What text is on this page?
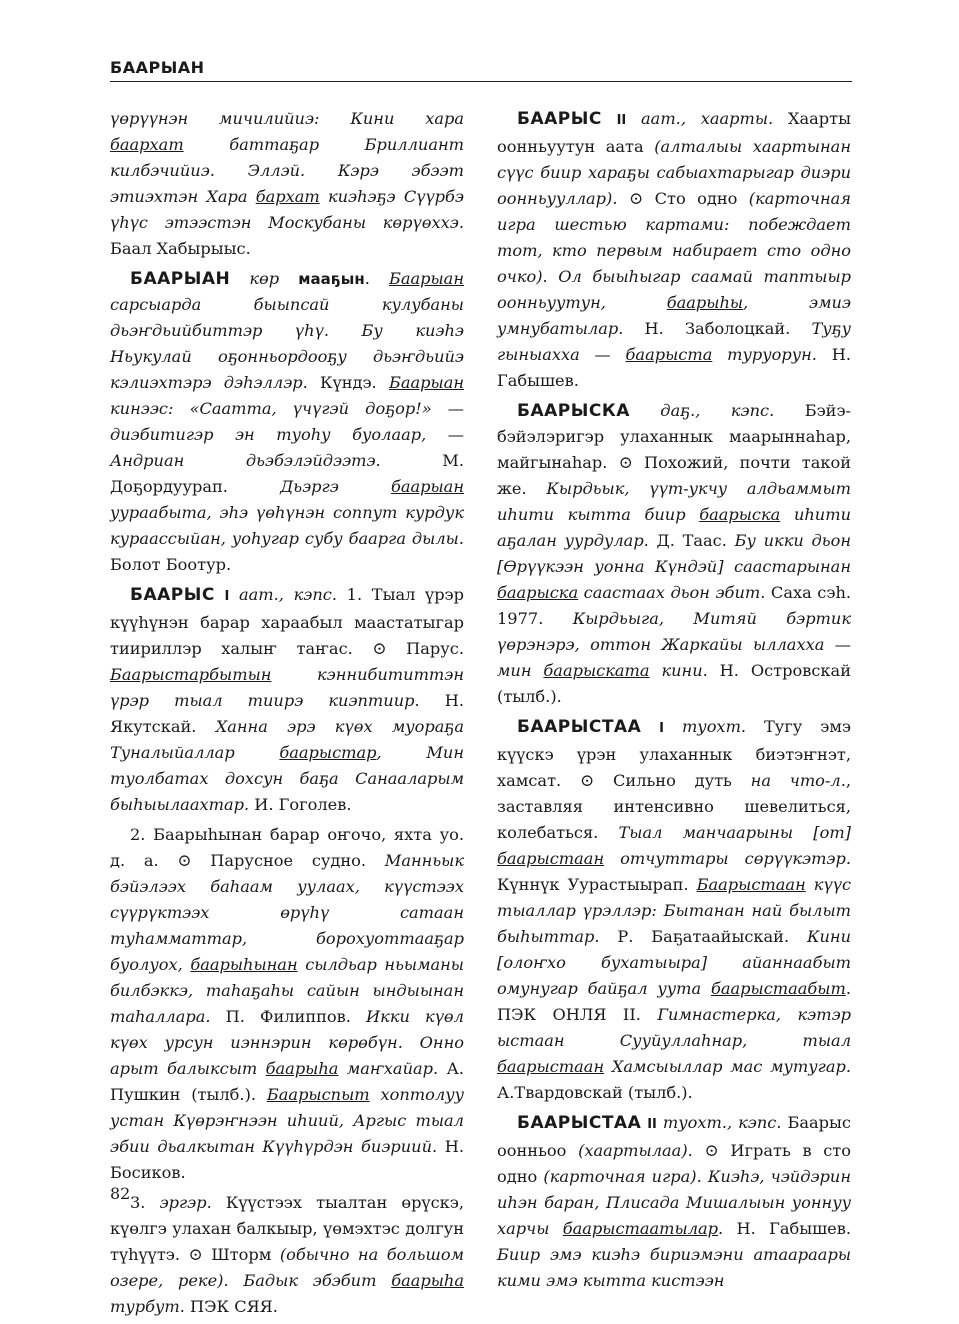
БААРЫАН

үөрүүнэн мичилийиэ: Кини хара баархат баттаҕар Бриллиант килбэчийиэ. Эллэй. Кэрэ эбээт этиэхтэн Хара бархат киэһэҕэ Сүүрбэ үһүс этээстэн Москубаны көрүөххэ. Баал Хабырыыс.

БААРЫАН көр мааҕын. Баарыан сарсыарда быыпсай кулубаны дьэҥдьийбиттэр үһү. Бу киэһэ Ньукулай оҕонньордооҕу дьэҥдьийэ кэлиэхтэрэ дэһэллэр. Күндэ. Баарыан кинээс: «Саатта, үчүгэй доҕор!» — диэбитигэр эн туоһу буолаар, — Андриан дьэбэлэйдээтэ. М. Доҕордуурап. Дьэргэ баарыан уураабыта, эһэ үөһүнэн соппут курдук кураассыйан, уоһугар субу баарга дылы. Болот Боотур.

БААРЫС I аат., кэпс. 1. Тыал үрэр күүһүнэн барар хараабыл маастатыгар тиириллэр халыҥ таҥас. ⊙ Парус. Баарыстарбытын кэннибититтэн үрэр тыал тиирэ киэптиир. Н. Якутскай. Ханна эрэ күөх муораҕа Туналыйаллар баарыстар, Мин туолбатах дохсун баҕа Санааларым быһыылаахтар. И. Гоголев.

2. Баарыһынан барар оҥочо, яхта уо. д. а. ⊙ Парусное судно. Манньык бэйэлээх баһаам уулаах, күүстээх сүүрүктээх өрүһү сатаан туһамматтар, борохуоттааҕар буолуох, баарыһынан сылдьар ньыманы билбэккэ, таһаҕаһы сайын ындыынан таһаллара. П. Филиппов. Икки күөл күөх урсун иэннэрин көрөбүн. Онно арыт балыксыт баарыһа маҥхайар. А. Пушкин (тылб.). Баарыспыт хоптолуу устан Күөрэҥнээн иһиий, Аргыс тыал эбии дьалкытан Күүһүрдэн биэриий. Н. Босиков.

3. эргэр. Күүстээх тыалтан өрүскэ, күөлгэ улахан балкыыр, үөмэхтэс долгун түһүүтэ. ⊙ Шторм (обычно на большом озере, реке). Бадык эбэбит баарыһа турбут. ПЭК СЯЯ.

БААРЫС II аат., хаарты. Хаарты оонньуутун аата (алталыы хаартынан сүүс биир хараҕы сабыахтарыгар диэри оонньууллар). ⊙ Сто одно (карточная игра шестью картами: побеждает тот, кто первым набирает сто одно очко). Ол быыһыгар саамай таптыыр оонньуутун, баарыһы, эмиэ умнубатылар. Н. Заболоцкай. Туҕу гыныахха — баарыста туруорун. Н. Габышев.

БААРЫСКА даҕ., кэпс. Бэйэ-бэйэлэригэр улаханнык маарыннаһар, майгынаһар. ⊙ Похожий, почти такой же. Кырдьык, үүт-укчу алдьаммыт иһити кытта биир баарыска иһити аҕалан уурдулар. Д. Таас. Бу икки дьон [Өрүүкээн уонна Күндэй] саастарынан баарыска саастаах дьон эбит. Саха сэһ. 1977. Кырдьыга, Митяй бэртик үөрэнэрэ, оттон Жаркайы ыллахха — мин баарыската кини. Н. Островскай (тылб.).

БААРЫСТАА I туохт. Тугу эмэ күүскэ үрэн улаханнык биэтэҥнэт, хамсат. ⊙ Сильно дуть на что-л., заставляя интенсивно шевелиться, колебаться. Тыал манчаарыны [от] баарыстаан отчуттары сөрүүкэтэр. Күннүк Уурастыырап. Баарыстаан күүс тыаллар үрэллэр: Бытанан най былыт быһыттар. Р. Баҕатаайыскай. Кини [олоҥхо бухатыыра] айаннаабыт омунугар байҕал уута баарыстаабыт. ПЭК ОНЛЯ II. Гимнастерка, кэтэр ыстаан Сууйуллаһнар, тыал баарыстаан Хамсыыллар мас мутугар. А.Твардовскай (тылб.).

БААРЫСТАА II туохт., кэпс. Баарыс оонньоо (хаартылаа). ⊙ Играть в сто одно (карточная игра). Киэһэ, чэйдэрин иһэн баран, Плисада Мишалыын уоннуу харчы баарыстаатылар. Н. Габышев. Биир эмэ киэһэ бириэмэни атаараары кими эмэ кытта кистээн

82
